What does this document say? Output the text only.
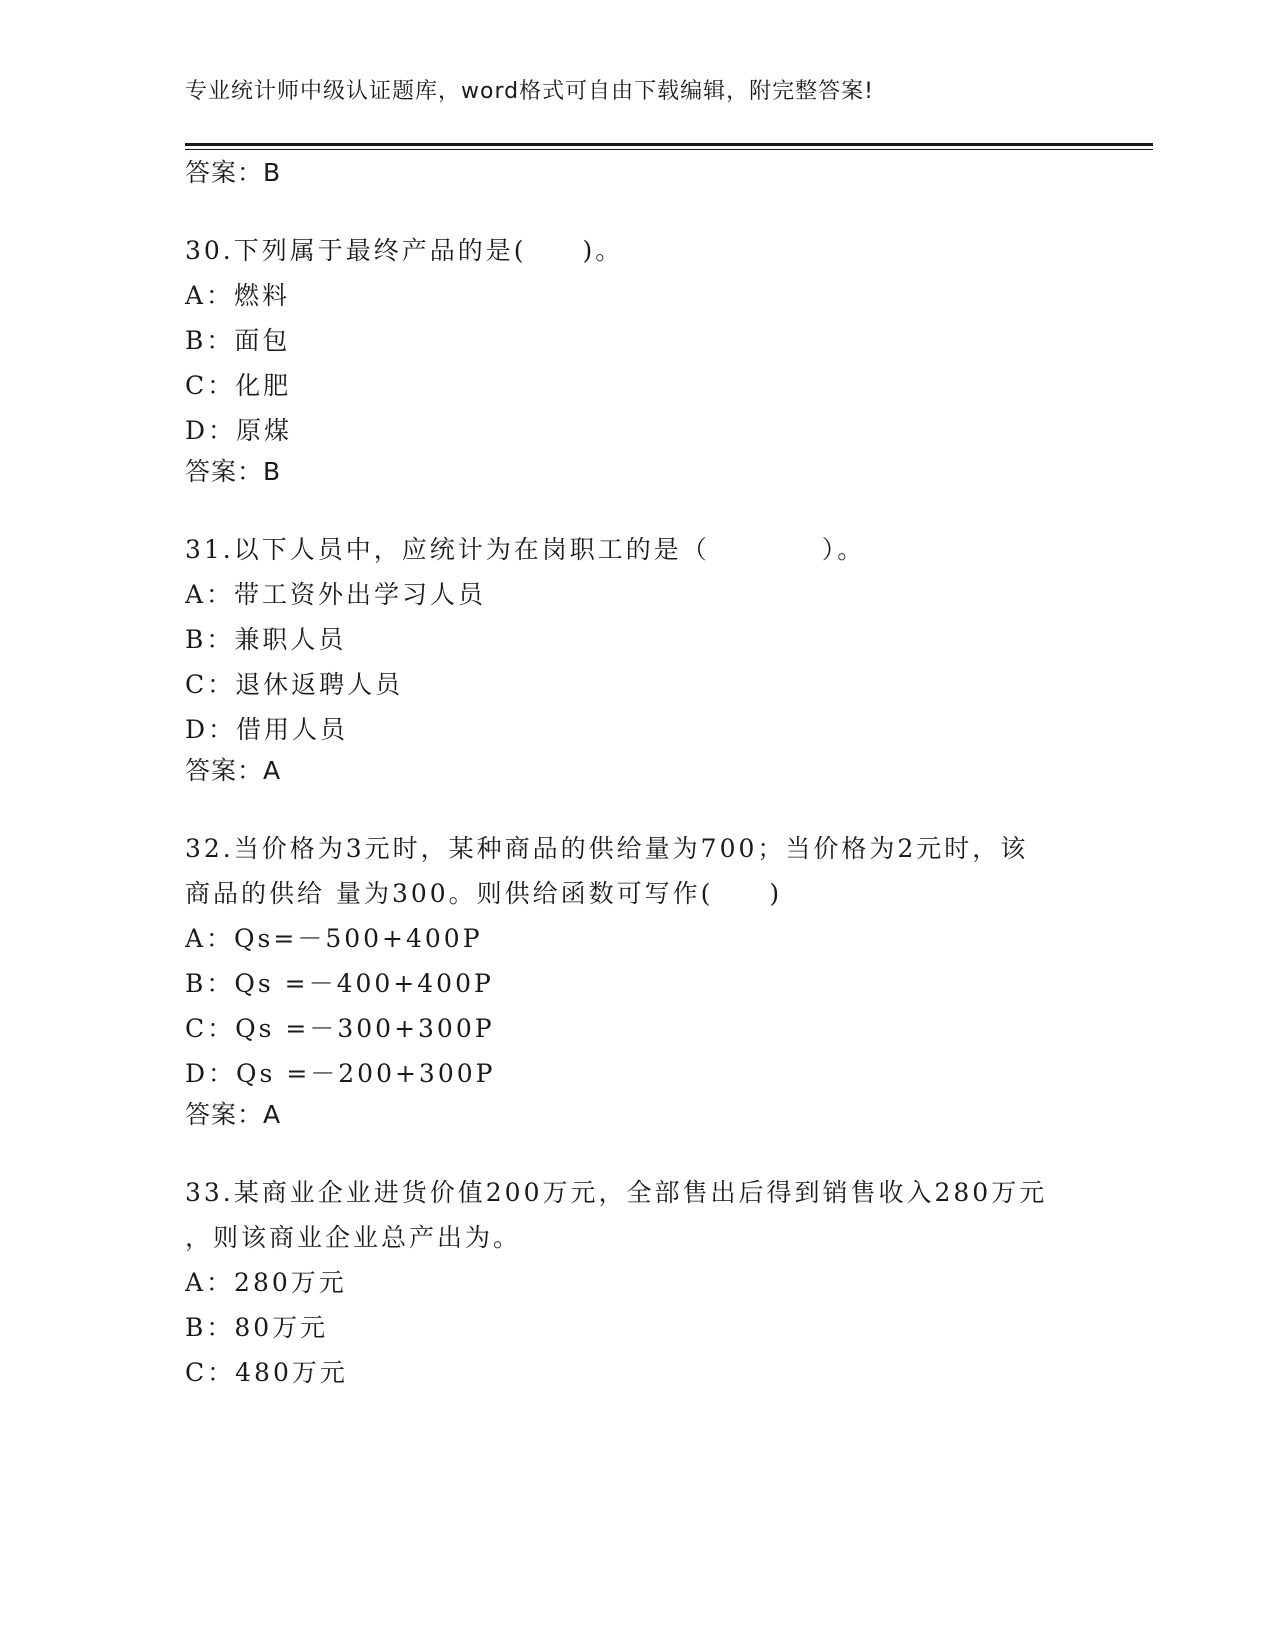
专业统计师中级认证题库，word格式可自由下载编辑，附完整答案!
答案：B
30.下列属于最终产品的是(　　)。
A：燃料
B：面包
C：化肥
D：原煤
答案：B
31.以下人员中，应统计为在岗职工的是（　　　　）。
A：带工资外出学习人员
B：兼职人员
C：退休返聘人员
D：借用人员
答案：A
32.当价格为3元时，某种商品的供给量为700；当价格为2元时，该
商品的供给 量为300。则供给函数可写作(　　)
A：Qs=－500+400P
B：Qs =－400+400P
C：Qs =－300+300P
D：Qs =－200+300P
答案：A
33.某商业企业进货价值200万元，全部售出后得到销售收入280万元
，则该商业企业总产出为。
A：280万元
B：80万元
C：480万元
